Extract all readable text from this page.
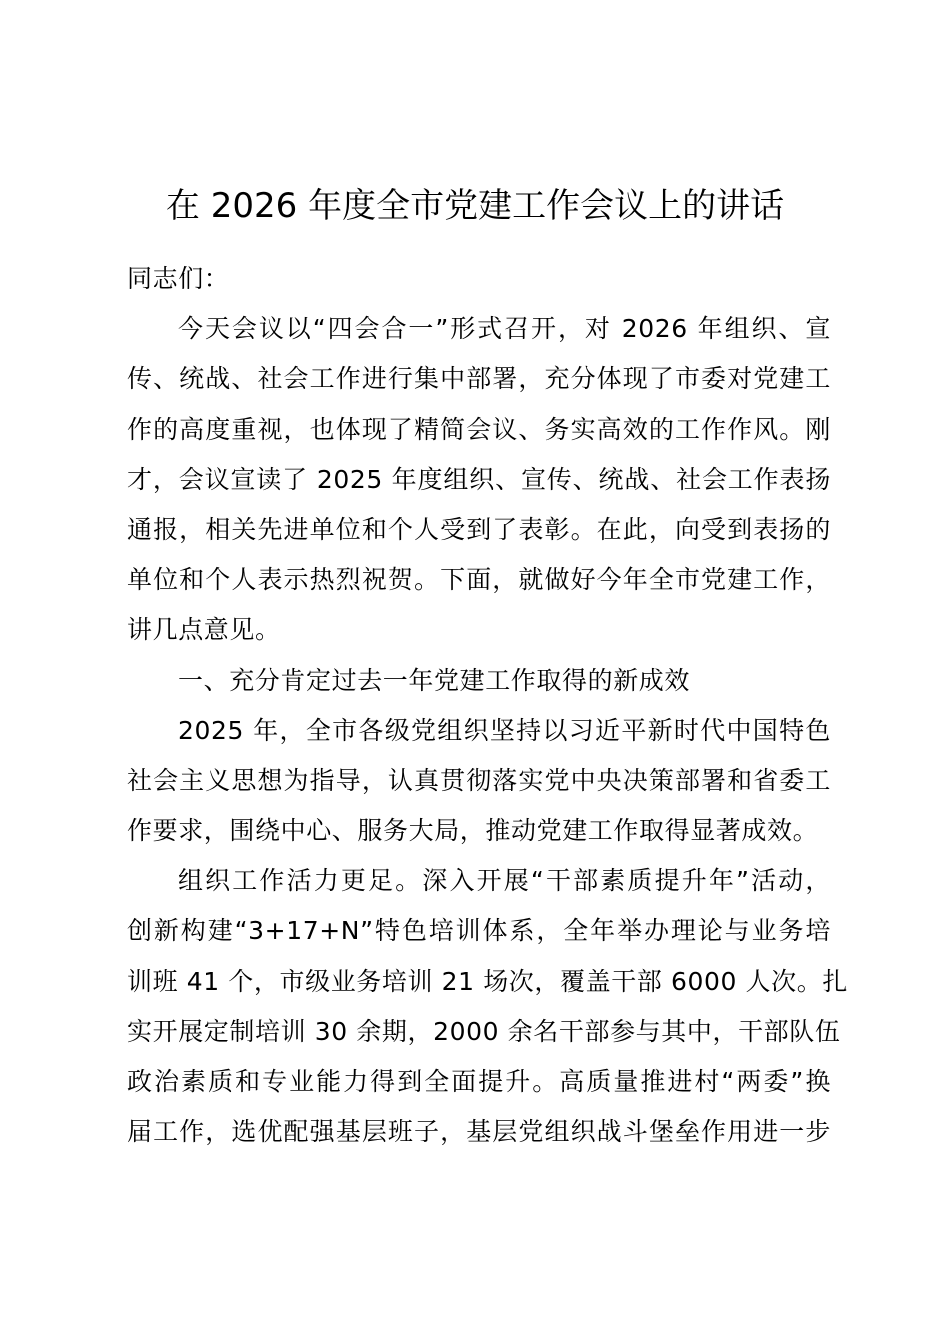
在 2026 年度全市党建工作会议上的讲话
同志们：
今天会议以“四会合一”形式召开，对 2026 年组织、宣
传、统战、社会工作进行集中部署，充分体现了市委对党建工
作的高度重视，也体现了精简会议、务实高效的工作作风。刚
才，会议宣读了 2025 年度组织、宣传、统战、社会工作表扬
通报，相关先进单位和个人受到了表彰。在此，向受到表扬的
单位和个人表示热烈祝贺。下面，就做好今年全市党建工作，
讲几点意见。
一、充分肯定过去一年党建工作取得的新成效
2025 年，全市各级党组织坚持以习近平新时代中国特色
社会主义思想为指导，认真贯彻落实党中央决策部署和省委工
作要求，围绕中心、服务大局，推动党建工作取得显著成效。
组织工作活力更足。深入开展“干部素质提升年”活动，
创新构建“3+17+N”特色培训体系，全年举办理论与业务培
训班 41 个，市级业务培训 21 场次，覆盖干部 6000 人次。扎
实开展定制培训 30 余期，2000 余名干部参与其中，干部队伍
政治素质和专业能力得到全面提升。高质量推进村“两委”换
届工作，选优配强基层班子，基层党组织战斗堡垒作用进一步
